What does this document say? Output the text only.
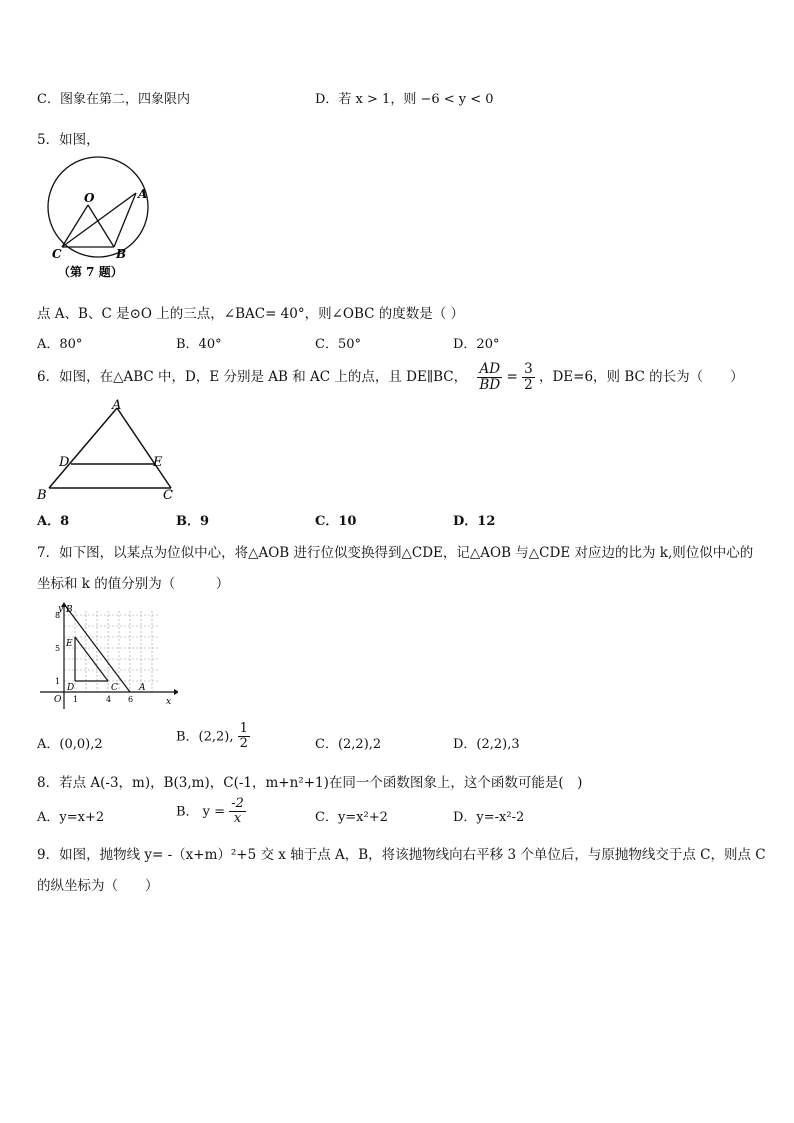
C．图象在第二，四象限内	D．若 x > 1，则 −6 < y < 0
5．如图，
O	A
C	B
（第 7 题）
点 A、B、C 是⊙O 上的三点，∠BAC= 40°，则∠OBC 的度数是（ ）
A．80°	B．40°	C．50°	D．20°
6．如图，在△ABC 中，D，E 分别是 AB 和 AC 上的点，且 DE∥BC， $\frac{AD}{BD} = \frac{3}{2}$ ，DE=6，则 BC 的长为（　　）
A
D	E
B	C
A．8	B．9	C．10	D．12
7．如下图，以某点为位似中心，将△AOB 进行位似变换得到△CDE，记△AOB 与△CDE 对应边的比为 k,则位似中心的
坐标和 k 的值分别为（　　　）
y
x
O
B
E
D	C A
8
5
1
1	4 6
A．(0,0),2
B．(2,2), $\frac{1}{2}$	C．(2,2),2	D．(2,2),3
8．若点 A(-3，m)，B(3,m)，C(-1，m+n²+1)在同一个函数图象上，这个函数可能是(　)
A．y=x+2	B． $y = \frac{-2}{x}$	C．y=x²+2	D．y=-x²-2
9．如图，抛物线 y= -（x+m）²+5 交 x 轴于点 A，B，将该抛物线向右平移 3 个单位后，与原抛物线交于点 C，则点 C
的纵坐标为（　　）
